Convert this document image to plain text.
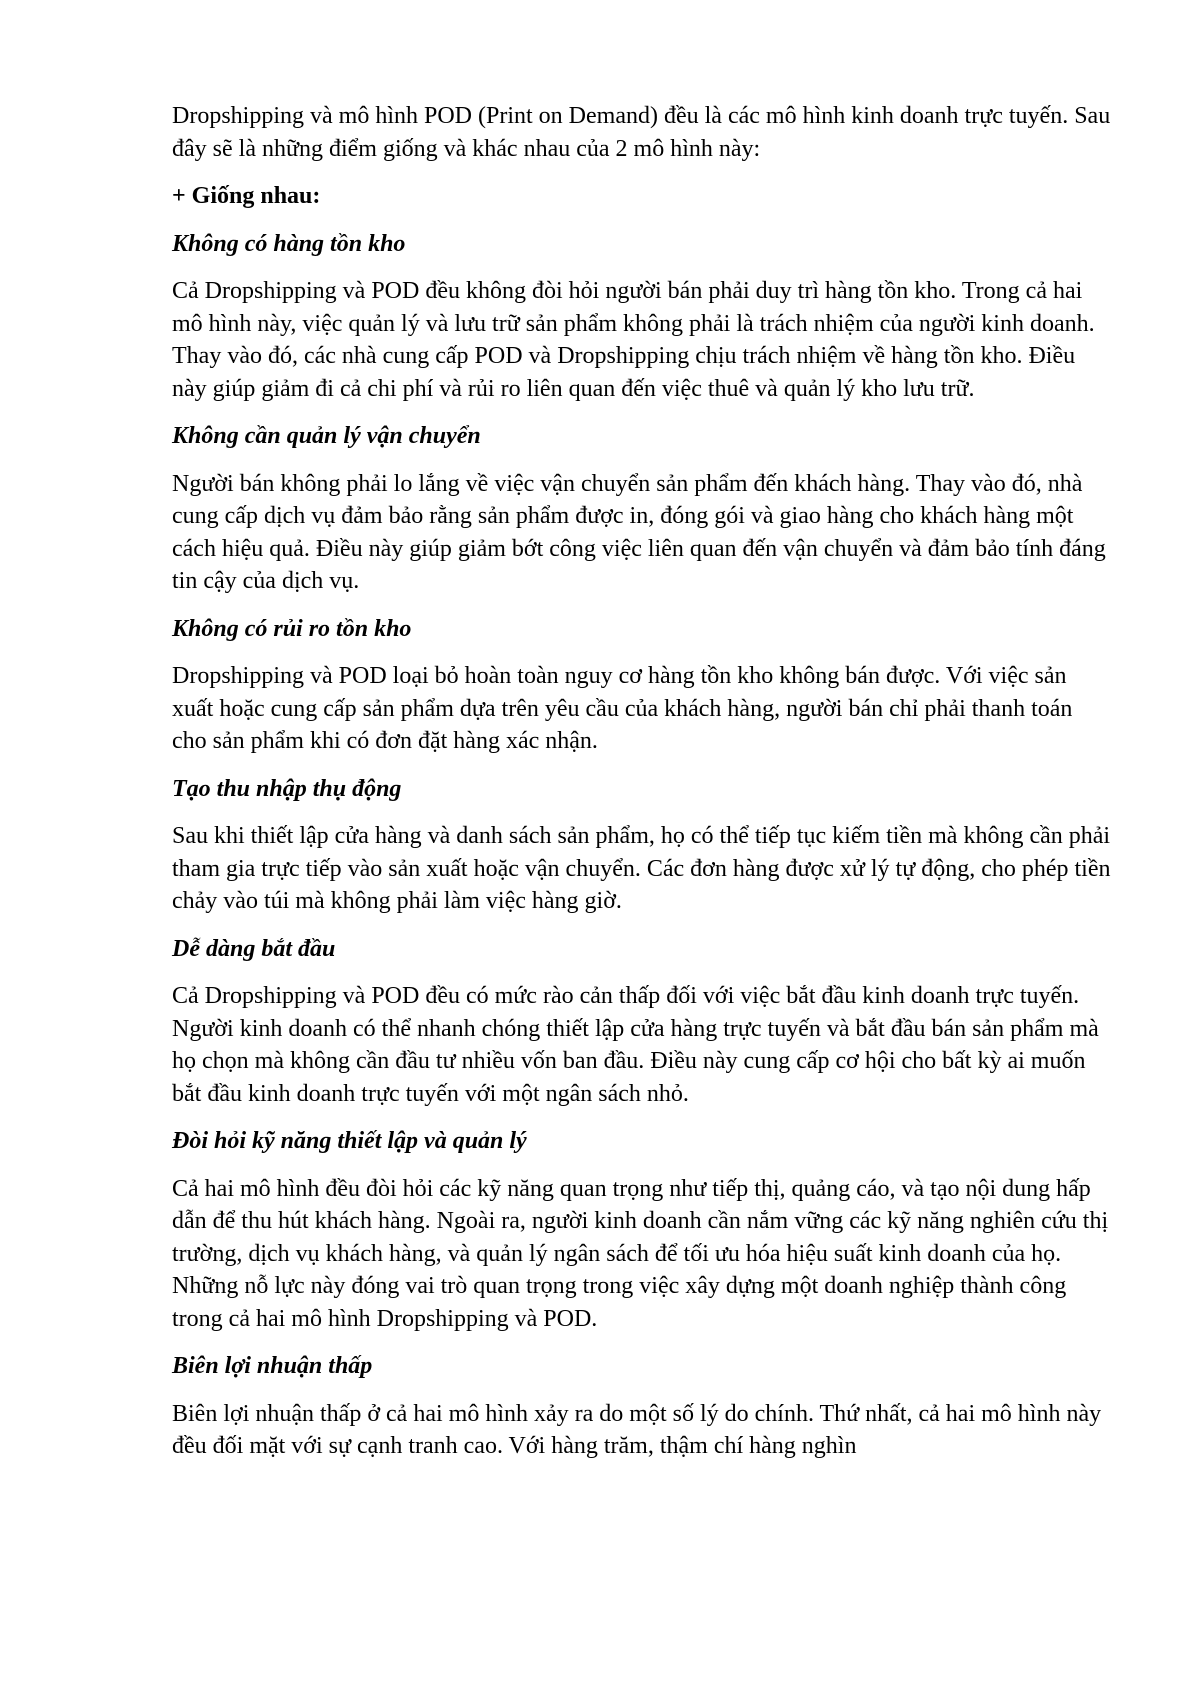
Dropshipping và mô hình POD (Print on Demand) đều là các mô hình kinh doanh trực tuyến. Sau đây sẽ là những điểm giống và khác nhau của 2 mô hình này:

+ Giống nhau:

Không có hàng tồn kho

Cả Dropshipping và POD đều không đòi hỏi người bán phải duy trì hàng tồn kho. Trong cả hai mô hình này, việc quản lý và lưu trữ sản phẩm không phải là trách nhiệm của người kinh doanh. Thay vào đó, các nhà cung cấp POD và Dropshipping chịu trách nhiệm về hàng tồn kho. Điều này giúp giảm đi cả chi phí và rủi ro liên quan đến việc thuê và quản lý kho lưu trữ.

Không cần quản lý vận chuyển

Người bán không phải lo lắng về việc vận chuyển sản phẩm đến khách hàng. Thay vào đó, nhà cung cấp dịch vụ đảm bảo rằng sản phẩm được in, đóng gói và giao hàng cho khách hàng một cách hiệu quả. Điều này giúp giảm bớt công việc liên quan đến vận chuyển và đảm bảo tính đáng tin cậy của dịch vụ.

Không có rủi ro tồn kho

Dropshipping và POD loại bỏ hoàn toàn nguy cơ hàng tồn kho không bán được. Với việc sản xuất hoặc cung cấp sản phẩm dựa trên yêu cầu của khách hàng, người bán chỉ phải thanh toán cho sản phẩm khi có đơn đặt hàng xác nhận.

Tạo thu nhập thụ động

Sau khi thiết lập cửa hàng và danh sách sản phẩm, họ có thể tiếp tục kiếm tiền mà không cần phải tham gia trực tiếp vào sản xuất hoặc vận chuyển. Các đơn hàng được xử lý tự động, cho phép tiền chảy vào túi mà không phải làm việc hàng giờ.

Dễ dàng bắt đầu

Cả Dropshipping và POD đều có mức rào cản thấp đối với việc bắt đầu kinh doanh trực tuyến. Người kinh doanh có thể nhanh chóng thiết lập cửa hàng trực tuyến và bắt đầu bán sản phẩm mà họ chọn mà không cần đầu tư nhiều vốn ban đầu. Điều này cung cấp cơ hội cho bất kỳ ai muốn bắt đầu kinh doanh trực tuyến với một ngân sách nhỏ.

Đòi hỏi kỹ năng thiết lập và quản lý

Cả hai mô hình đều đòi hỏi các kỹ năng quan trọng như tiếp thị, quảng cáo, và tạo nội dung hấp dẫn để thu hút khách hàng. Ngoài ra, người kinh doanh cần nắm vững các kỹ năng nghiên cứu thị trường, dịch vụ khách hàng, và quản lý ngân sách để tối ưu hóa hiệu suất kinh doanh của họ. Những nỗ lực này đóng vai trò quan trọng trong việc xây dựng một doanh nghiệp thành công trong cả hai mô hình Dropshipping và POD.

Biên lợi nhuận thấp

Biên lợi nhuận thấp ở cả hai mô hình xảy ra do một số lý do chính. Thứ nhất, cả hai mô hình này đều đối mặt với sự cạnh tranh cao. Với hàng trăm, thậm chí hàng nghìn
